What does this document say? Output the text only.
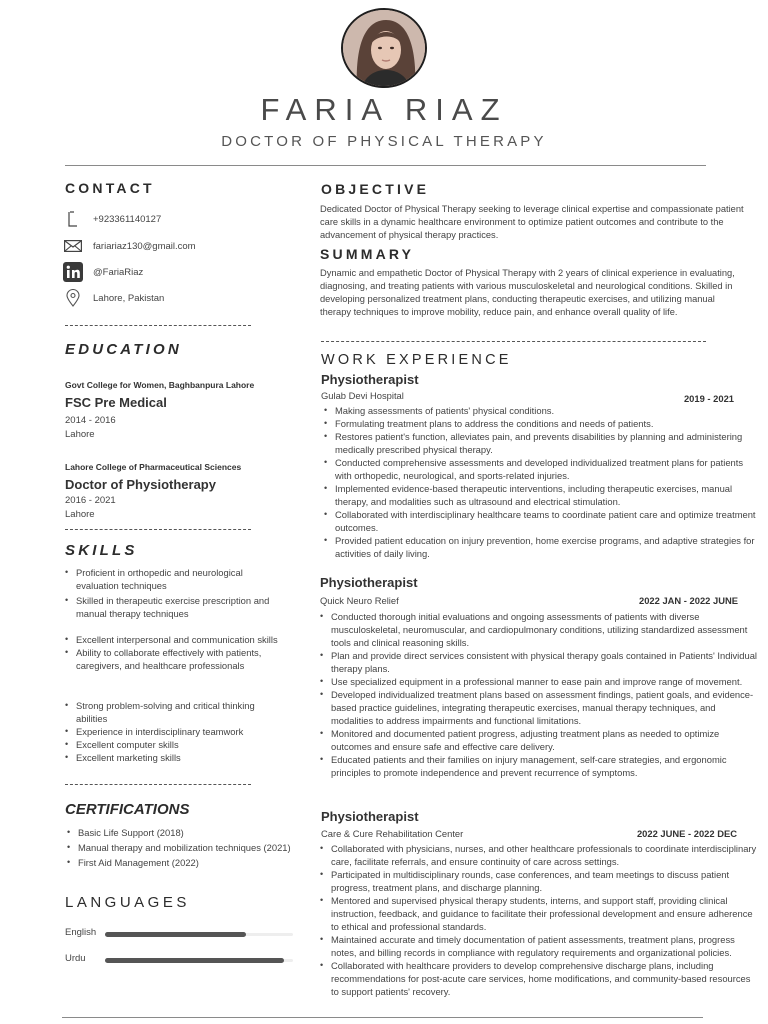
FARIA RIAZ
DOCTOR OF PHYSICAL THERAPY
CONTACT
+923361140127
fariariaz130@gmail.com
@FariaRiaz
Lahore, Pakistan
EDUCATION
Govt College for Women, Baghbanpura Lahore
FSC Pre Medical
2014 - 2016
Lahore
Lahore College of Pharmaceutical Sciences
Doctor of Physiotherapy
2016 - 2021
Lahore
SKILLS
• Proficient in orthopedic and neurological evaluation techniques
• Skilled in therapeutic exercise prescription and manual therapy techniques
• Excellent interpersonal and communication skills
• Ability to collaborate effectively with patients, caregivers, and healthcare professionals
• Strong problem-solving and critical thinking abilities
• Experience in interdisciplinary teamwork
• Excellent computer skills
• Excellent marketing skills
CERTIFICATIONS
• Basic Life Support (2018)
• Manual therapy and mobilization techniques (2021)
• First Aid Management (2022)
LANGUAGES
English
Urdu
OBJECTIVE
Dedicated Doctor of Physical Therapy seeking to leverage clinical expertise and compassionate patient care skills in a dynamic healthcare environment to optimize patient outcomes and contribute to the advancement of physical therapy practices.
SUMMARY
Dynamic and empathetic Doctor of Physical Therapy with 2 years of clinical experience in evaluating, diagnosing, and treating patients with various musculoskeletal and neurological conditions. Skilled in developing personalized treatment plans, conducting therapeutic exercises, and utilizing manual therapy techniques to improve mobility, reduce pain, and enhance overall quality of life.
WORK EXPERIENCE
Physiotherapist
Gulab Devi Hospital	2019 - 2021
• Making assessments of patients' physical conditions.
• Formulating treatment plans to address the conditions and needs of patients.
• Restores patient's function, alleviates pain, and prevents disabilities by planning and administering medically prescribed physical therapy.
• Conducted comprehensive assessments and developed individualized treatment plans for patients with orthopedic, neurological, and sports-related injuries.
• Implemented evidence-based therapeutic interventions, including therapeutic exercises, manual therapy, and modalities such as ultrasound and electrical stimulation.
• Collaborated with interdisciplinary healthcare teams to coordinate patient care and optimize treatment outcomes.
• Provided patient education on injury prevention, home exercise programs, and adaptive strategies for activities of daily living.
Physiotherapist
Quick Neuro Relief	2022 JAN - 2022 JUNE
• Conducted thorough initial evaluations and ongoing assessments of patients with diverse musculoskeletal, neuromuscular, and cardiopulmonary conditions, utilizing standardized assessment tools and clinical reasoning skills.
• Plan and provide direct services consistent with physical therapy goals contained in Patients' Individual therapy plans.
• Use specialized equipment in a professional manner to ease pain and improve range of movement.
• Developed individualized treatment plans based on assessment findings, patient goals, and evidence-based practice guidelines, integrating therapeutic exercises, manual therapy techniques, and modalities to address impairments and functional limitations.
• Monitored and documented patient progress, adjusting treatment plans as needed to optimize outcomes and ensure safe and effective care delivery.
• Educated patients and their families on injury management, self-care strategies, and ergonomic principles to promote independence and prevent recurrence of symptoms.
Physiotherapist
Care & Cure Rehabilitation Center	2022 JUNE - 2022 DEC
• Collaborated with physicians, nurses, and other healthcare professionals to coordinate interdisciplinary care, facilitate referrals, and ensure continuity of care across settings.
• Participated in multidisciplinary rounds, case conferences, and team meetings to discuss patient progress, treatment plans, and discharge planning.
• Mentored and supervised physical therapy students, interns, and support staff, providing clinical instruction, feedback, and guidance to facilitate their professional development and ensure adherence to ethical and professional standards.
• Maintained accurate and timely documentation of patient assessments, treatment plans, progress notes, and billing records in compliance with regulatory requirements and organizational policies.
• Collaborated with healthcare providers to develop comprehensive discharge plans, including recommendations for post-acute care services, home modifications, and community-based resources to support patients' recovery.
